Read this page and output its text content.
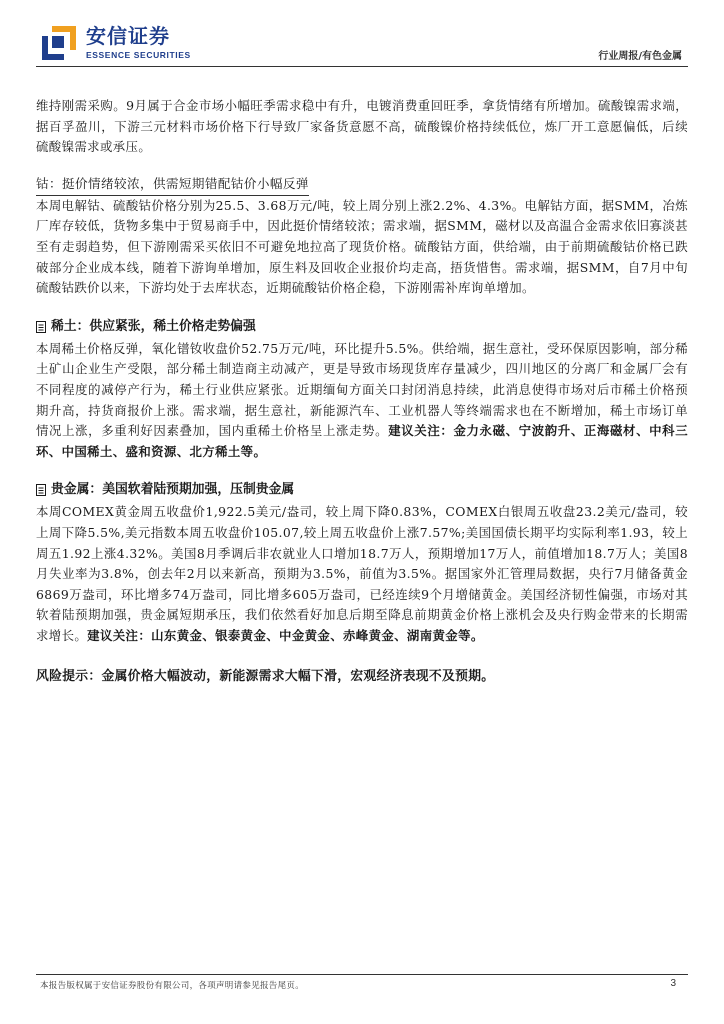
安信证券
ESSENCE SECURITIES	行业周报/有色金属

维持刚需采购。9月属于合金市场小幅旺季需求稳中有升，电镀消费重回旺季，拿货情绪有所增加。硫酸镍需求端，据百孚盈川，下游三元材料市场价格下行导致厂家备货意愿不高，硫酸镍价格持续低位，炼厂开工意愿偏低，后续硫酸镍需求或承压。

钴：挺价情绪较浓，供需短期错配钴价小幅反弹

本周电解钴、硫酸钴价格分别为25.5、3.68万元/吨，较上周分别上涨2.2%、4.3%。电解钴方面，据SMM，冶炼厂库存较低，货物多集中于贸易商手中，因此挺价情绪较浓；需求端，据SMM，磁材以及高温合金需求依旧寡淡甚至有走弱趋势，但下游刚需采买依旧不可避免地拉高了现货价格。硫酸钴方面，供给端，由于前期硫酸钴价格已跌破部分企业成本线，随着下游询单增加，原生料及回收企业报价均走高，捂货惜售。需求端，据SMM，自7月中旬硫酸钴跌价以来，下游均处于去库状态，近期硫酸钴价格企稳，下游刚需补库询单增加。

稀土：供应紧张，稀土价格走势偏强

本周稀土价格反弹，氧化镨钕收盘价52.75万元/吨，环比提升5.5%。供给端，据生意社，受环保原因影响，部分稀土矿山企业生产受限，部分稀土制造商主动减产，更是导致市场现货库存量减少，四川地区的分离厂和金属厂会有不同程度的减停产行为，稀土行业供应紧张。近期缅甸方面关口封闭消息持续，此消息使得市场对后市稀土价格预期升高，持货商报价上涨。需求端，据生意社，新能源汽车、工业机器人等终端需求也在不断增加，稀土市场订单情况上涨，多重利好因素叠加，国内重稀土价格呈上涨走势。建议关注：金力永磁、宁波韵升、正海磁材、中科三环、中国稀土、盛和资源、北方稀土等。

贵金属：美国软着陆预期加强，压制贵金属

本周COMEX黄金周五收盘价1,922.5美元/盎司，较上周下降0.83%，COMEX白银周五收盘23.2美元/盎司，较上周下降5.5%,美元指数本周五收盘价105.07,较上周五收盘价上涨7.57%;美国国债长期平均实际利率1.93，较上周五1.92上涨4.32%。美国8月季调后非农就业人口增加18.7万人，预期增加17万人，前值增加18.7万人；美国8月失业率为3.8%，创去年2月以来新高，预期为3.5%，前值为3.5%。据国家外汇管理局数据，央行7月储备黄金6869万盎司，环比增多74万盎司，同比增多605万盎司，已经连续9个月增储黄金。美国经济韧性偏强，市场对其软着陆预期加强，贵金属短期承压，我们依然看好加息后期至降息前期黄金价格上涨机会及央行购金带来的长期需求增长。建议关注：山东黄金、银泰黄金、中金黄金、赤峰黄金、湖南黄金等。

风险提示：金属价格大幅波动，新能源需求大幅下滑，宏观经济表现不及预期。
本报告版权属于安信证券股份有限公司，各项声明请参见报告尾页。	3
